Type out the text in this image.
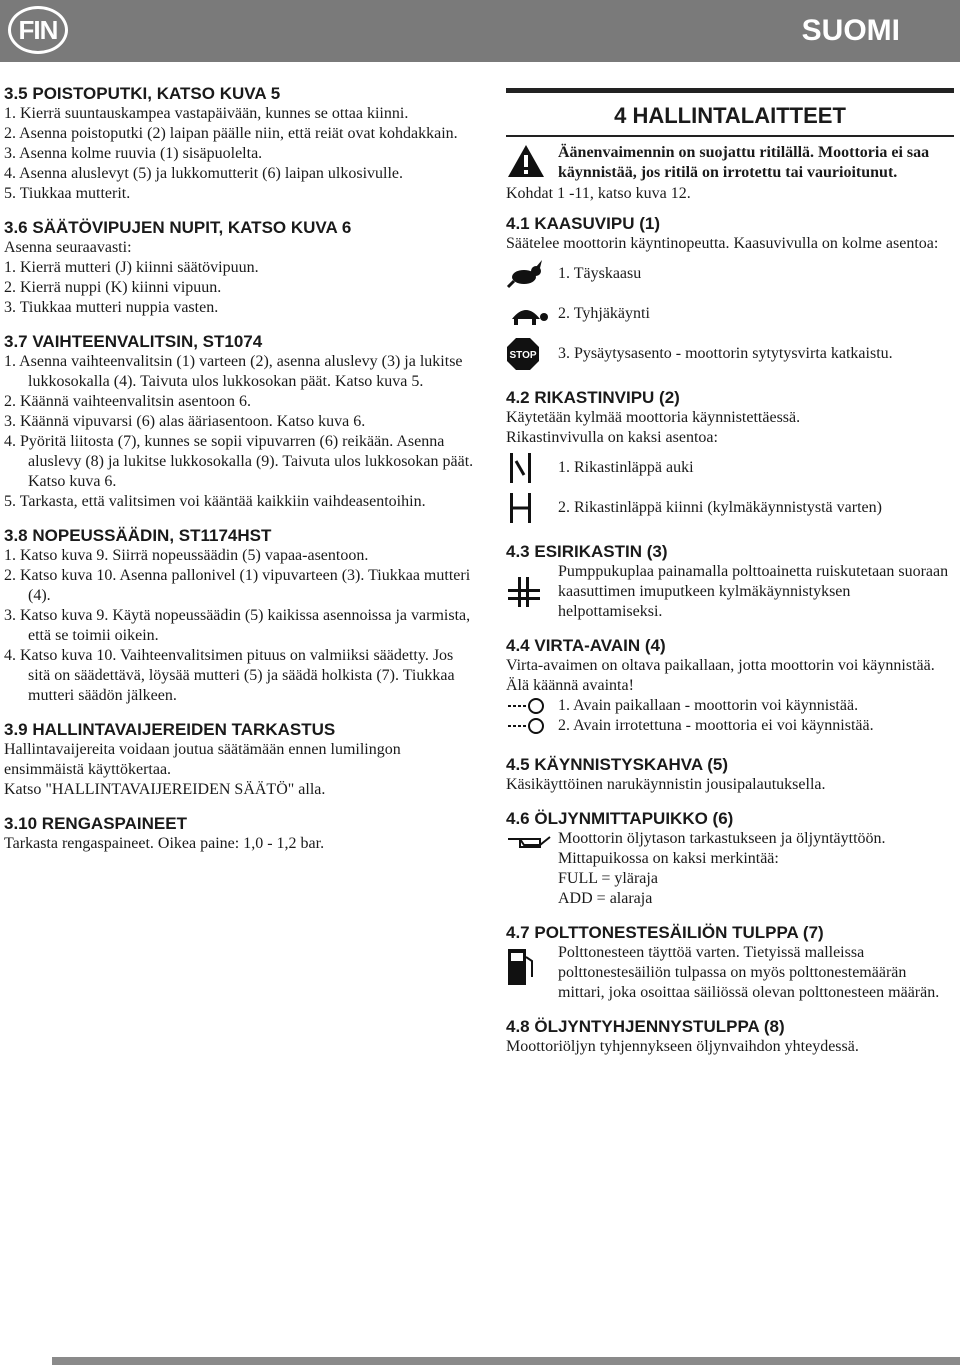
FIN	SUOMI
3.5 POISTOPUTKI, KATSO KUVA 5
1. Kierrä suuntauskampea vastapäivään, kunnes se ottaa kiinni.
2. Asenna poistoputki (2) laipan päälle niin, että reiät ovat kohdakkain.
3. Asenna kolme ruuvia (1) sisäpuolelta.
4. Asenna aluslevyt (5) ja lukkomutterit (6) laipan ulkosivulle.
5. Tiukkaa mutterit.
3.6 SÄÄTÖVIPUJEN NUPIT, KATSO KUVA 6

Asenna seuraavasti:

1. Kierrä mutteri (J) kiinni säätövipuun.

2. Kierrä nuppi (K) kiinni vipuun.

3. Tiukkaa mutteri nuppia vasten.

3.7 VAIHTEENVALITSIN, ST1074
1. Asenna vaihteenvalitsin (1) varteen (2), asenna aluslevy (3) ja lukitse lukkosokalla (4). Taivuta ulos lukkosokan päät. Katso kuva 5.
2. Käännä vaihteenvalitsin asentoon 6.
3. Käännä vipuvarsi (6) alas ääriasentoon. Katso kuva 6.
4. Pyöritä liitosta (7), kunnes se sopii vipuvarren (6) reikään. Asenna aluslevy (8) ja lukitse lukkosokalla (9). Taivuta ulos lukkosokan päät. Katso kuva 6.
5. Tarkasta, että valitsimen voi kääntää kaikkiin vaihdeasentoihin.
3.8 NOPEUSSÄÄDIN, ST1174HST
1. Katso kuva 9. Siirrä nopeussäädin (5) vapaa-asentoon.
2. Katso kuva 10. Asenna pallonivel (1) vipuvarteen (3). Tiukkaa mutteri (4).
3. Katso kuva 9. Käytä nopeussäädin (5) kaikissa asennoissa ja varmista, että se toimii oikein.
4. Katso kuva 10. Vaihteenvalitsimen pituus on valmiiksi säädetty. Jos sitä on säädettävä, löysää mutteri (5) ja säädä holkista (7). Tiukkaa mutteri säädön jälkeen.
3.9 HALLINTAVAIJEREIDEN TARKASTUS

Hallintavaijereita voidaan joutua säätämään ennen lumilingon ensimmäistä käyttökertaa.

Katso "HALLINTAVAIJEREIDEN SÄÄTÖ" alla.

3.10 RENGASPAINEET

Tarkasta rengaspaineet. Oikea paine: 1,0 - 1,2 bar.

4 HALLINTALAITTEET

Äänenvaimennin on suojattu ritilällä. Moottoria ei saa käynnistää, jos ritilä on irrotettu tai vaurioitunut.

Kohdat 1 -11, katso kuva 12.

4.1 KAASUVIPU (1)

Säätelee moottorin käyntinopeutta. Kaasuvivulla on kolme asentoa:

1. Täyskaasu

2. Tyhjäkäynti

STOP 3. Pysäytysasento - moottorin sytytysvirta katkaistu.

4.2 RIKASTINVIPU (2)

Käytetään kylmää moottoria käynnistettäessä.

Rikastinvivulla on kaksi asentoa:

1. Rikastinläppä auki

2. Rikastinläppä kiinni (kylmäkäynnistystä varten)

4.3 ESIRIKASTIN (3)

Pumppukuplaa painamalla polttoainetta ruiskutetaan suoraan kaasuttimen imuputkeen kylmäkäynnistyksen helpottamiseksi.

4.4 VIRTA-AVAIN (4)

Virta-avaimen on oltava paikallaan, jotta moottorin voi käynnistää. Älä käännä avainta!

1. Avain paikallaan - moottorin voi käynnistää.

2. Avain irrotettuna - moottoria ei voi käynnistää.

4.5 KÄYNNISTYSKAHVA (5)

Käsikäyttöinen narukäynnistin jousipalautuksella.

4.6 ÖLJYNMITTAPUIKKO (6)

Moottorin öljytason tarkastukseen ja öljyntäyttöön.

Mittapuikossa on kaksi merkintää:

FULL = yläraja

ADD = alaraja

4.7 POLTTONESTESÄILIÖN TULPPA (7)

Polttonesteen täyttöä varten. Tietyissä malleissa polttonestesäiliön tulpassa on myös polttonestemäärän mittari, joka osoittaa säiliössä olevan polttonesteen määrän.

4.8 ÖLJYNTYHJENNYSTULPPA (8)

Moottoriöljyn tyhjennykseen öljynvaihdon yhteydessä.
